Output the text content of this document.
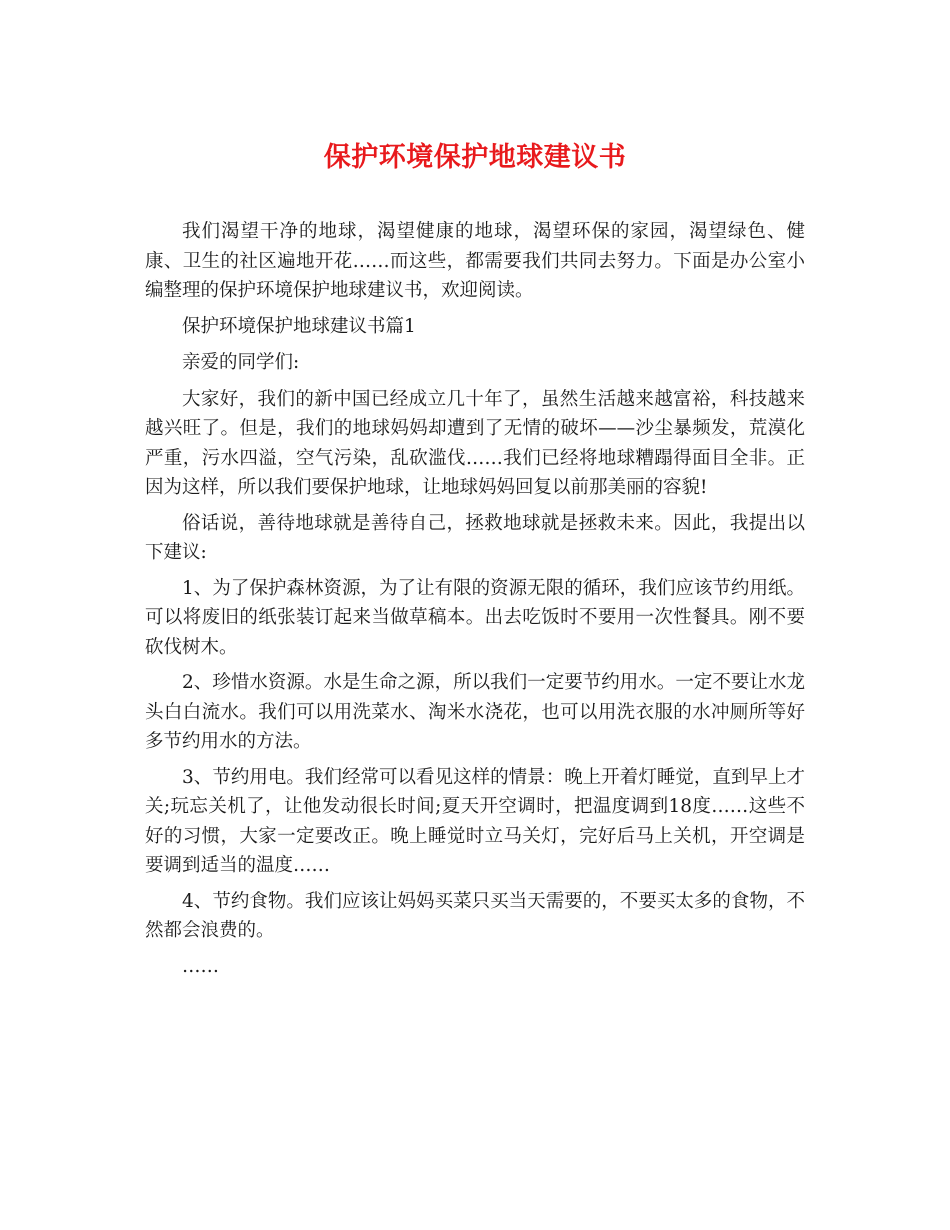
保护环境保护地球建议书

我们渴望干净的地球，渴望健康的地球，渴望环保的家园，渴望绿色、健康、卫生的社区遍地开花……而这些，都需要我们共同去努力。下面是办公室小编整理的保护环境保护地球建议书，欢迎阅读。

保护环境保护地球建议书篇1

亲爱的同学们:

大家好，我们的新中国已经成立几十年了，虽然生活越来越富裕，科技越来越兴旺了。但是，我们的地球妈妈却遭到了无情的破坏——沙尘暴频发，荒漠化严重，污水四溢，空气污染，乱砍滥伐……我们已经将地球糟蹋得面目全非。正因为这样，所以我们要保护地球，让地球妈妈回复以前那美丽的容貌!

俗话说，善待地球就是善待自己，拯救地球就是拯救未来。因此，我提出以下建议:

1、为了保护森林资源，为了让有限的资源无限的循环，我们应该节约用纸。可以将废旧的纸张装订起来当做草稿本。出去吃饭时不要用一次性餐具。刚不要砍伐树木。

2、珍惜水资源。水是生命之源，所以我们一定要节约用水。一定不要让水龙头白白流水。我们可以用洗菜水、淘米水浇花，也可以用洗衣服的水冲厕所等好多节约用水的方法。

3、节约用电。我们经常可以看见这样的情景：晚上开着灯睡觉，直到早上才关;玩忘关机了，让他发动很长时间;夏天开空调时，把温度调到18度……这些不好的习惯，大家一定要改正。晚上睡觉时立马关灯，完好后马上关机，开空调是要调到适当的温度……

4、节约食物。我们应该让妈妈买菜只买当天需要的，不要买太多的食物，不然都会浪费的。

……
